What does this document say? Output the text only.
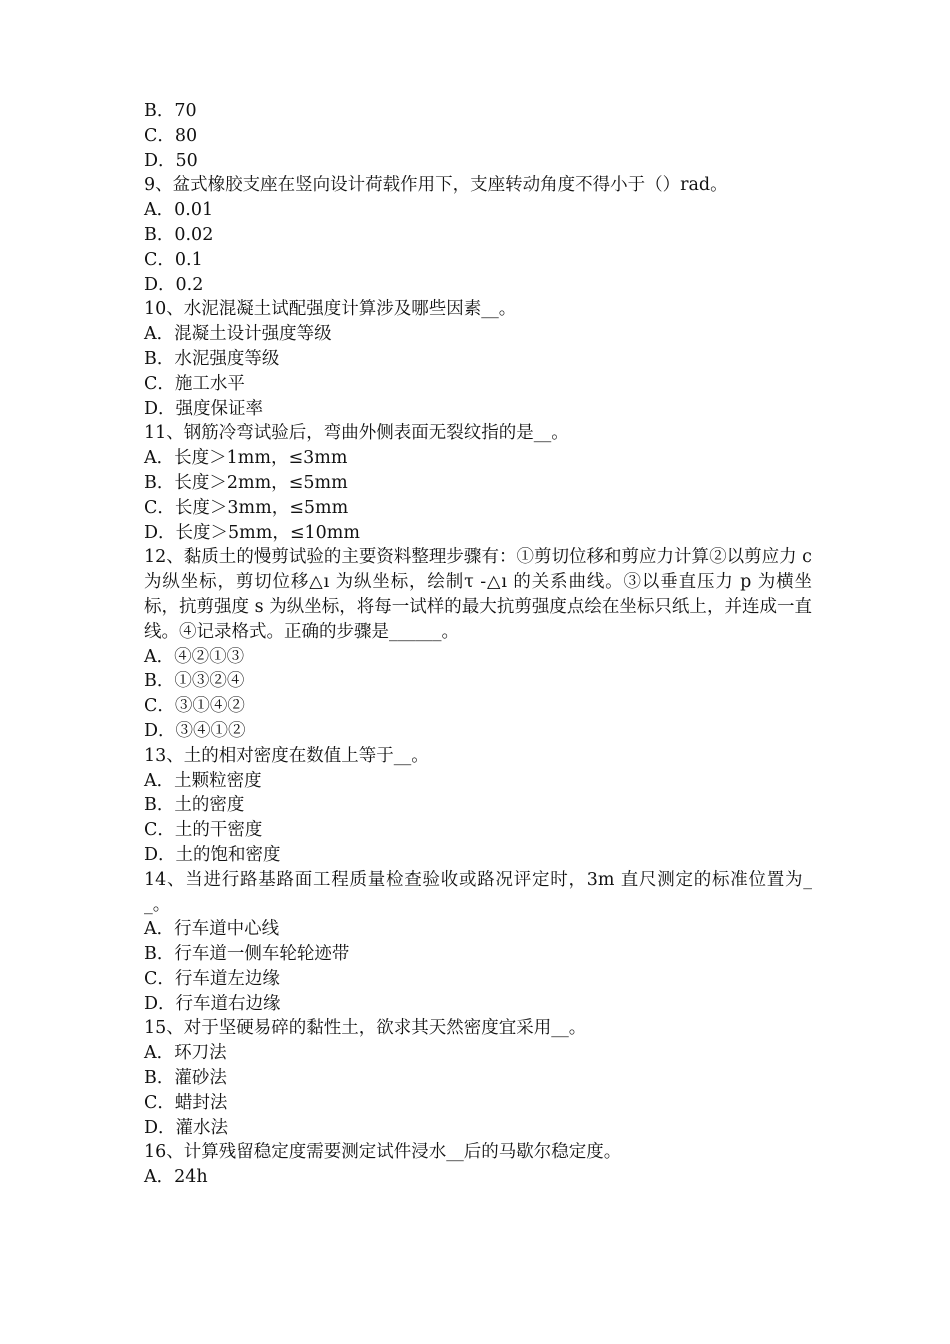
B．70

C．80

D．50

9、盆式橡胶支座在竖向设计荷载作用下，支座转动角度不得小于（）rad。

A．0.01

B．0.02

C．0.1

D．0.2

10、水泥混凝土试配强度计算涉及哪些因素__。

A．混凝土设计强度等级

B．水泥强度等级

C．施工水平

D．强度保证率

11、钢筋冷弯试验后，弯曲外侧表面无裂纹指的是__。

A．长度＞1mm，≤3mm

B．长度＞2mm，≤5mm

C．长度＞3mm，≤5mm

D．长度＞5mm，≤10mm

12、黏质土的慢剪试验的主要资料整理步骤有：①剪切位移和剪应力计算②以剪应力 c 为纵坐标，剪切位移△ı 为纵坐标，绘制τ -△ı 的关系曲线。③以垂直压力 p 为横坐标，抗剪强度 s 为纵坐标，将每一试样的最大抗剪强度点绘在坐标只纸上，并连成一直线。④记录格式。正确的步骤是______。

A．④②①③

B．①③②④

C．③①④②

D．③④①②

13、土的相对密度在数值上等于__。

A．土颗粒密度

B．土的密度

C．土的干密度

D．土的饱和密度

14、当进行路基路面工程质量检查验收或路况评定时，3m 直尺测定的标准位置为__。

A．行车道中心线

B．行车道一侧车轮轮迹带

C．行车道左边缘

D．行车道右边缘

15、对于坚硬易碎的黏性土，欲求其天然密度宜采用__。

A．环刀法

B．灌砂法

C．蜡封法

D．灌水法

16、计算残留稳定度需要测定试件浸水__后的马歇尔稳定度。

A．24h
